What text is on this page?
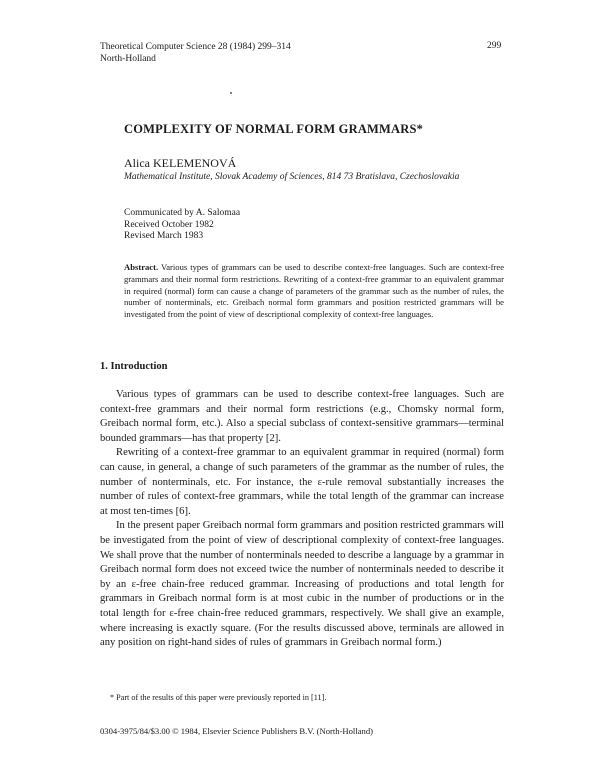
Theoretical Computer Science 28 (1984) 299–314
North-Holland
299
COMPLEXITY OF NORMAL FORM GRAMMARS*
Alica KELEMENOVÁ
Mathematical Institute, Slovak Academy of Sciences, 814 73 Bratislava, Czechoslovakia
Communicated by A. Salomaa
Received October 1982
Revised March 1983
Abstract. Various types of grammars can be used to describe context-free languages. Such are context-free grammars and their normal form restrictions. Rewriting of a context-free grammar to an equivalent grammar in required (normal) form can cause a change of parameters of the grammar such as the number of rules, the number of nonterminals, etc. Greibach normal form grammars and position restricted grammars will be investigated from the point of view of descriptional complexity of context-free languages.
1. Introduction

Various types of grammars can be used to describe context-free languages. Such are context-free grammars and their normal form restrictions (e.g., Chomsky normal form, Greibach normal form, etc.). Also a special subclass of context-sensitive grammars—terminal bounded grammars—has that property [2].

Rewriting of a context-free grammar to an equivalent grammar in required (normal) form can cause, in general, a change of such parameters of the grammar as the number of rules, the number of nonterminals, etc. For instance, the ε-rule removal substantially increases the number of rules of context-free grammars, while the total length of the grammar can increase at most ten-times [6].

In the present paper Greibach normal form grammars and position restricted grammars will be investigated from the point of view of descriptional complexity of context-free languages. We shall prove that the number of nonterminals needed to describe a language by a grammar in Greibach normal form does not exceed twice the number of nonterminals needed to describe it by an ε-free chain-free reduced grammar. Increasing of productions and total length for grammars in Greibach normal form is at most cubic in the number of productions or in the total length for ε-free chain-free reduced grammars, respectively. We shall give an example, where increasing is exactly square. (For the results discussed above, terminals are allowed in any position on right-hand sides of rules of grammars in Greibach normal form.)

* Part of the results of this paper were previously reported in [11].
0304-3975/84/$3.00 © 1984, Elsevier Science Publishers B.V. (North-Holland)
